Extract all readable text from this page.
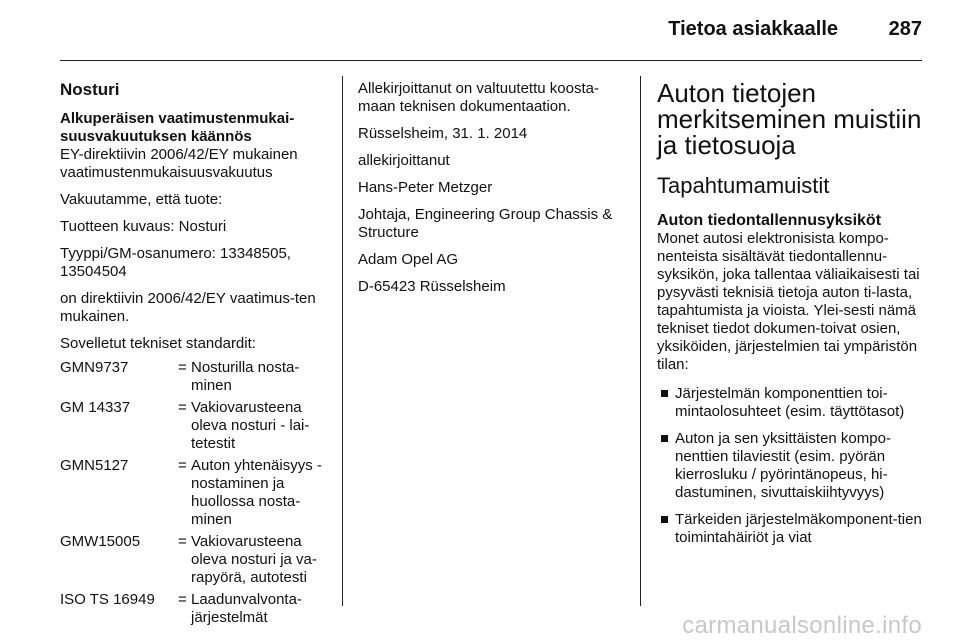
Tietoa asiakkaalle	287
Nosturi
Alkuperäisen vaatimustenmukai-
suusvakuutuksen käännös

EY-direktiivin 2006/42/EY mukainen vaatimustenmukaisuusvakuutus

Vakuutamme, että tuote:

Tuotteen kuvaus: Nosturi

Tyyppi/GM-osanumero: 13348505, 13504504

on direktiivin 2006/42/EY vaatimus-ten mukainen.

Sovelletut tekniset standardit:

GMN9737	=	Nosturilla nosta-minen
GM 14337	=	Vakiovarusteena oleva nosturi - lai-tetestit
GMN5127	=	Auton yhtenäisyys - nostaminen ja huollossa nosta-minen
GMW15005	=	Vakiovarusteena oleva nosturi ja va-rapyörä, autotesti
ISO TS 16949	=	Laadunvalvonta-järjestelmät

Allekirjoittanut on valtuutettu koosta-maan teknisen dokumentaation.

Rüsselsheim, 31. 1. 2014

allekirjoittanut

Hans-Peter Metzger

Johtaja, Engineering Group Chassis & Structure

Adam Opel AG

D-65423 Rüsselsheim

Auton tietojen merkitseminen muistiin ja tietosuoja
Tapahtumamuistit
Auton tiedontallennusyksiköt

Monet autosi elektronisista kompo-nenteista sisältävät tiedontallennu-syksikön, joka tallentaa väliaikaisesti tai pysyvästi teknisiä tietoja auton ti-lasta, tapahtumista ja vioista. Ylei-sesti nämä tekniset tiedot dokumen-toivat osien, yksiköiden, järjestelmien tai ympäristön tilan:

Järjestelmän komponenttien toi-mintaolosuhteet (esim. täyttötasot)
Auton ja sen yksittäisten kompo-nenttien tilaviestit (esim. pyörän kierrosluku / pyörintänopeus, hi-dastuminen, sivuttaiskiihtyvyys)
Tärkeiden järjestelmäkomponent-tien toimintahäiriöt ja viat
carmanualsonline.info
